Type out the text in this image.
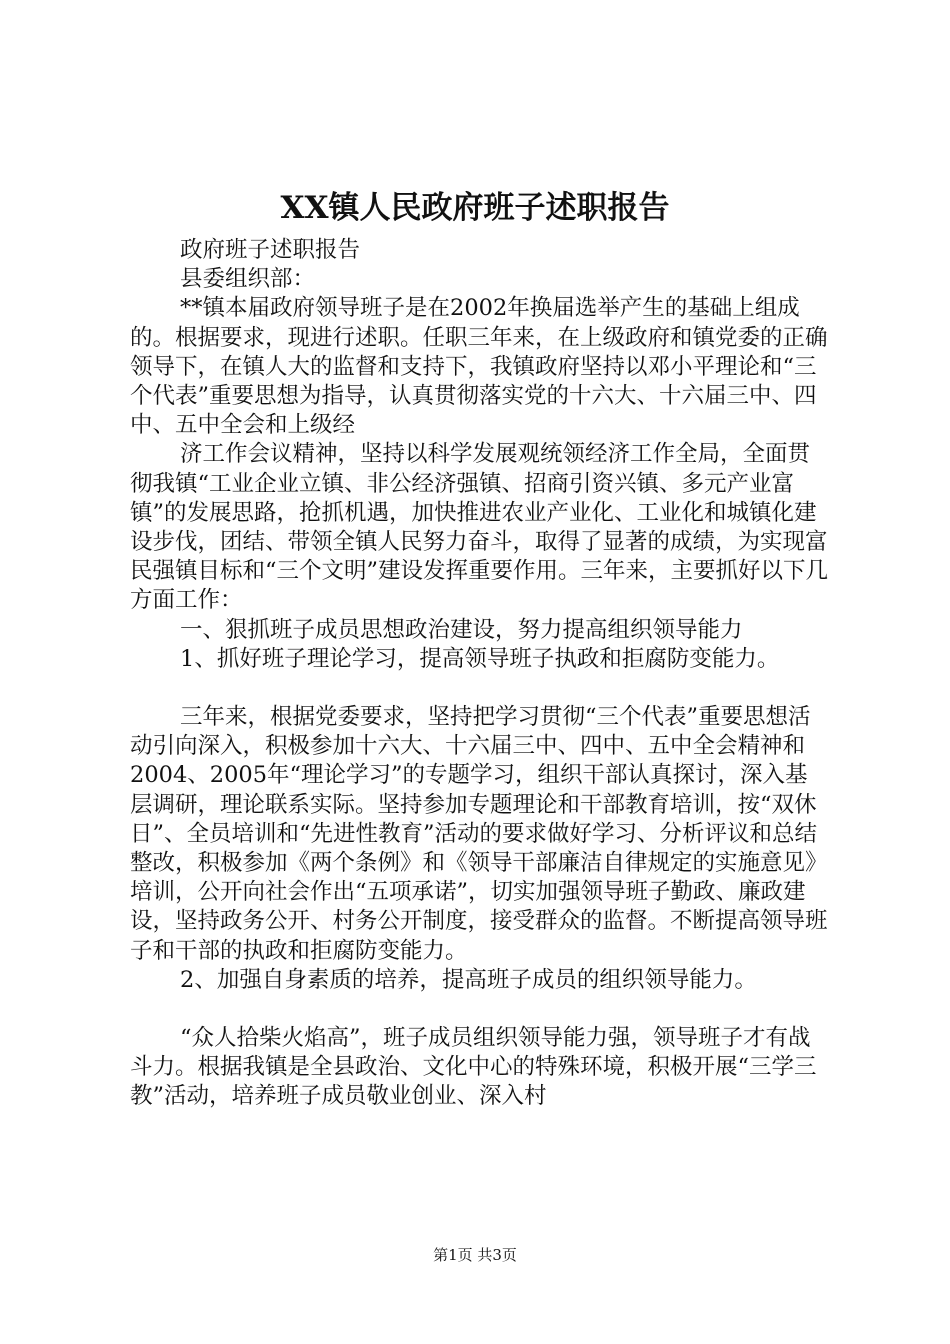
XX镇人民政府班子述职报告

政府班子述职报告

县委组织部：

**镇本届政府领导班子是在2002年换届选举产生的基础上组成的。根据要求，现进行述职。任职三年来，在上级政府和镇党委的正确领导下，在镇人大的监督和支持下，我镇政府坚持以邓小平理论和“三个代表”重要思想为指导，认真贯彻落实党的十六大、十六届三中、四中、五中全会和上级经

济工作会议精神，坚持以科学发展观统领经济工作全局，全面贯彻我镇“工业企业立镇、非公经济强镇、招商引资兴镇、多元产业富镇”的发展思路，抢抓机遇，加快推进农业产业化、工业化和城镇化建设步伐，团结、带领全镇人民努力奋斗，取得了显著的成绩，为实现富民强镇目标和“三个文明”建设发挥重要作用。三年来，主要抓好以下几方面工作：

一、狠抓班子成员思想政治建设，努力提高组织领导能力

1、抓好班子理论学习，提高领导班子执政和拒腐防变能力。

三年来，根据党委要求，坚持把学习贯彻“三个代表”重要思想活动引向深入，积极参加十六大、十六届三中、四中、五中全会精神和2004、2005年“理论学习”的专题学习，组织干部认真探讨，深入基层调研，理论联系实际。坚持参加专题理论和干部教育培训，按“双休日”、全员培训和“先进性教育”活动的要求做好学习、分析评议和总结整改，积极参加《两个条例》和《领导干部廉洁自律规定的实施意见》培训，公开向社会作出“五项承诺”，切实加强领导班子勤政、廉政建设，坚持政务公开、村务公开制度，接受群众的监督。不断提高领导班子和干部的执政和拒腐防变能力。

2、加强自身素质的培养，提高班子成员的组织领导能力。

“众人拾柴火焰高”，班子成员组织领导能力强，领导班子才有战斗力。根据我镇是全县政治、文化中心的特殊环境，积极开展“三学三教”活动，培养班子成员敬业创业、深入村

第1页 共3页
